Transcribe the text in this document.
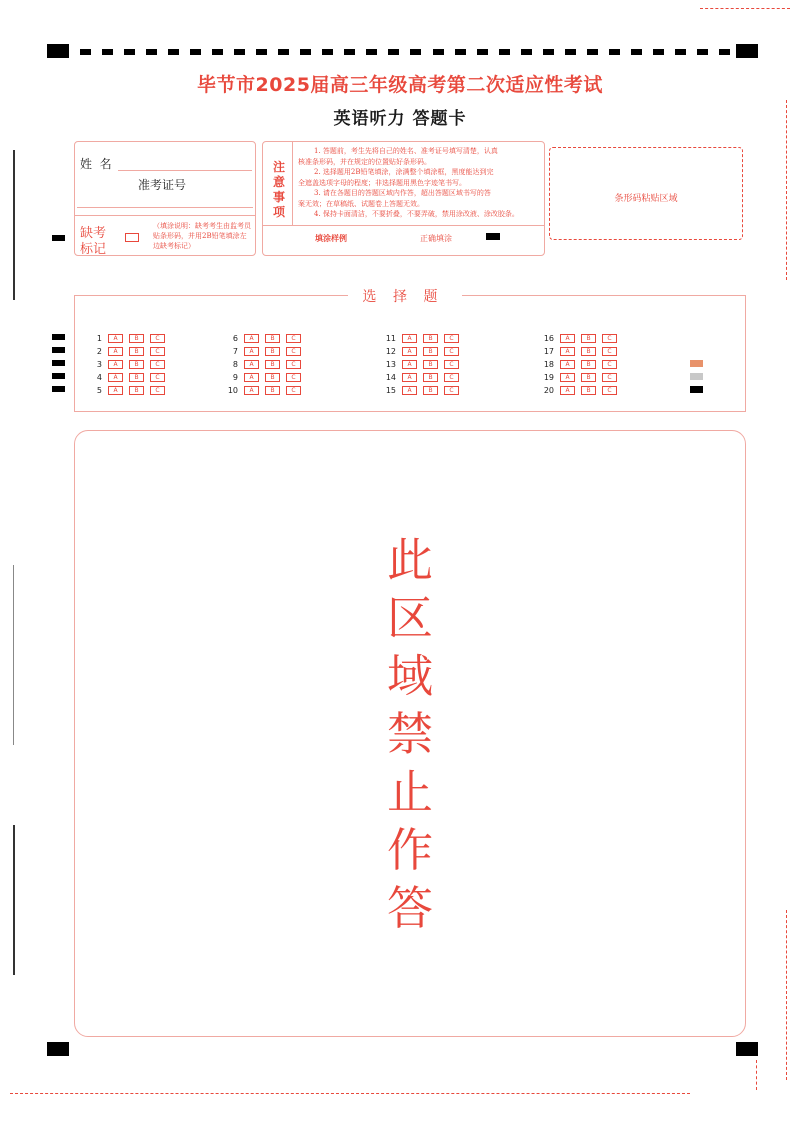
毕节市2025届高三年级高考第二次适应性考试
英语听力 答题卡
姓  名
准考证号
缺考
标记
（填涂说明：缺考考生由监考员贴条形码，并用2B铅笔填涂左边缺考标记）
注
意
事
项
1. 答题前，考生先将自己的姓名、准考证号填写清楚，认真
核准条形码，并在规定的位置贴好条形码。
2. 选择题用2B铅笔填涂，涂满整个填涂框，黑度能达到完
全遮盖选项字母的程度；非选择题用黑色字迹笔书写。
3. 请在各题目的答题区域内作答，超出答题区域书写的答
案无效；在草稿纸、试题卷上答题无效。
4. 保持卡面清洁，不要折叠，不要弄破，禁用涂改液、涂改胶条。
填涂样例	正确填涂
条形码粘贴区域
选 择 题
1	A	B	C
2	A	B	C
3	A	B	C
4	A	B	C
5	A	B	C
6	A	B	C
7	A	B	C
8	A	B	C
9	A	B	C
10	A	B	C
11	A	B	C
12	A	B	C
13	A	B	C
14	A	B	C
15	A	B	C
16	A	B	C
17	A	B	C
18	A	B	C
19	A	B	C
20	A	B	C
此
区
域
禁
止
作
答
